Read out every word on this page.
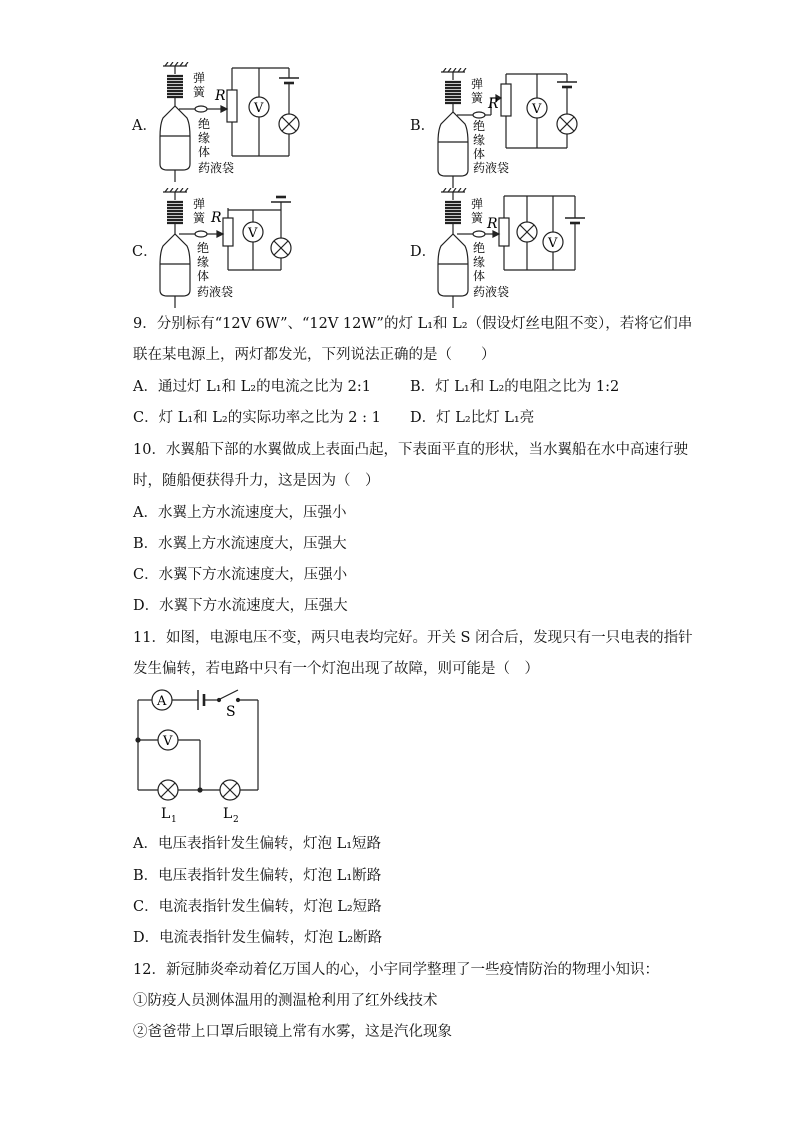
A．	B．
C．	D．
弹
簧 R
V
绝
缘
体
药液袋
弹
簧 R	V
绝
缘
体
药液袋
弹
簧 R
V
绝
缘
体
药液袋
弹
簧 R
V
绝
缘
体
药液袋
9．分别标有“12V 6W”、“12V 12W”的灯 L₁和 L₂（假设灯丝电阻不变），若将它们串
联在某电源上，两灯都发光，下列说法正确的是（　　）
A．通过灯 L₁和 L₂的电流之比为 2:1	B．灯 L₁和 L₂的电阻之比为 1:2
C．灯 L₁和 L₂的实际功率之比为 2 : 1 D．灯 L₂比灯 L₁亮
10．水翼船下部的水翼做成上表面凸起，下表面平直的形状，当水翼船在水中高速行驶
时，随船便获得升力，这是因为（　）
A．水翼上方水流速度大，压强小
B．水翼上方水流速度大，压强大
C．水翼下方水流速度大，压强小
D．水翼下方水流速度大，压强大
11．如图，电源电压不变，两只电表均完好。开关 S 闭合后，发现只有一只电表的指针
发生偏转，若电路中只有一个灯泡出现了故障，则可能是（　）
A
V
S
L 1	L 2
A．电压表指针发生偏转，灯泡 L₁短路
B．电压表指针发生偏转，灯泡 L₁断路
C．电流表指针发生偏转，灯泡 L₂短路
D．电流表指针发生偏转，灯泡 L₂断路
12．新冠肺炎牵动着亿万国人的心，小宇同学整理了一些疫情防治的物理小知识：
①防疫人员测体温用的测温枪利用了红外线技术
②爸爸带上口罩后眼镜上常有水雾，这是汽化现象
